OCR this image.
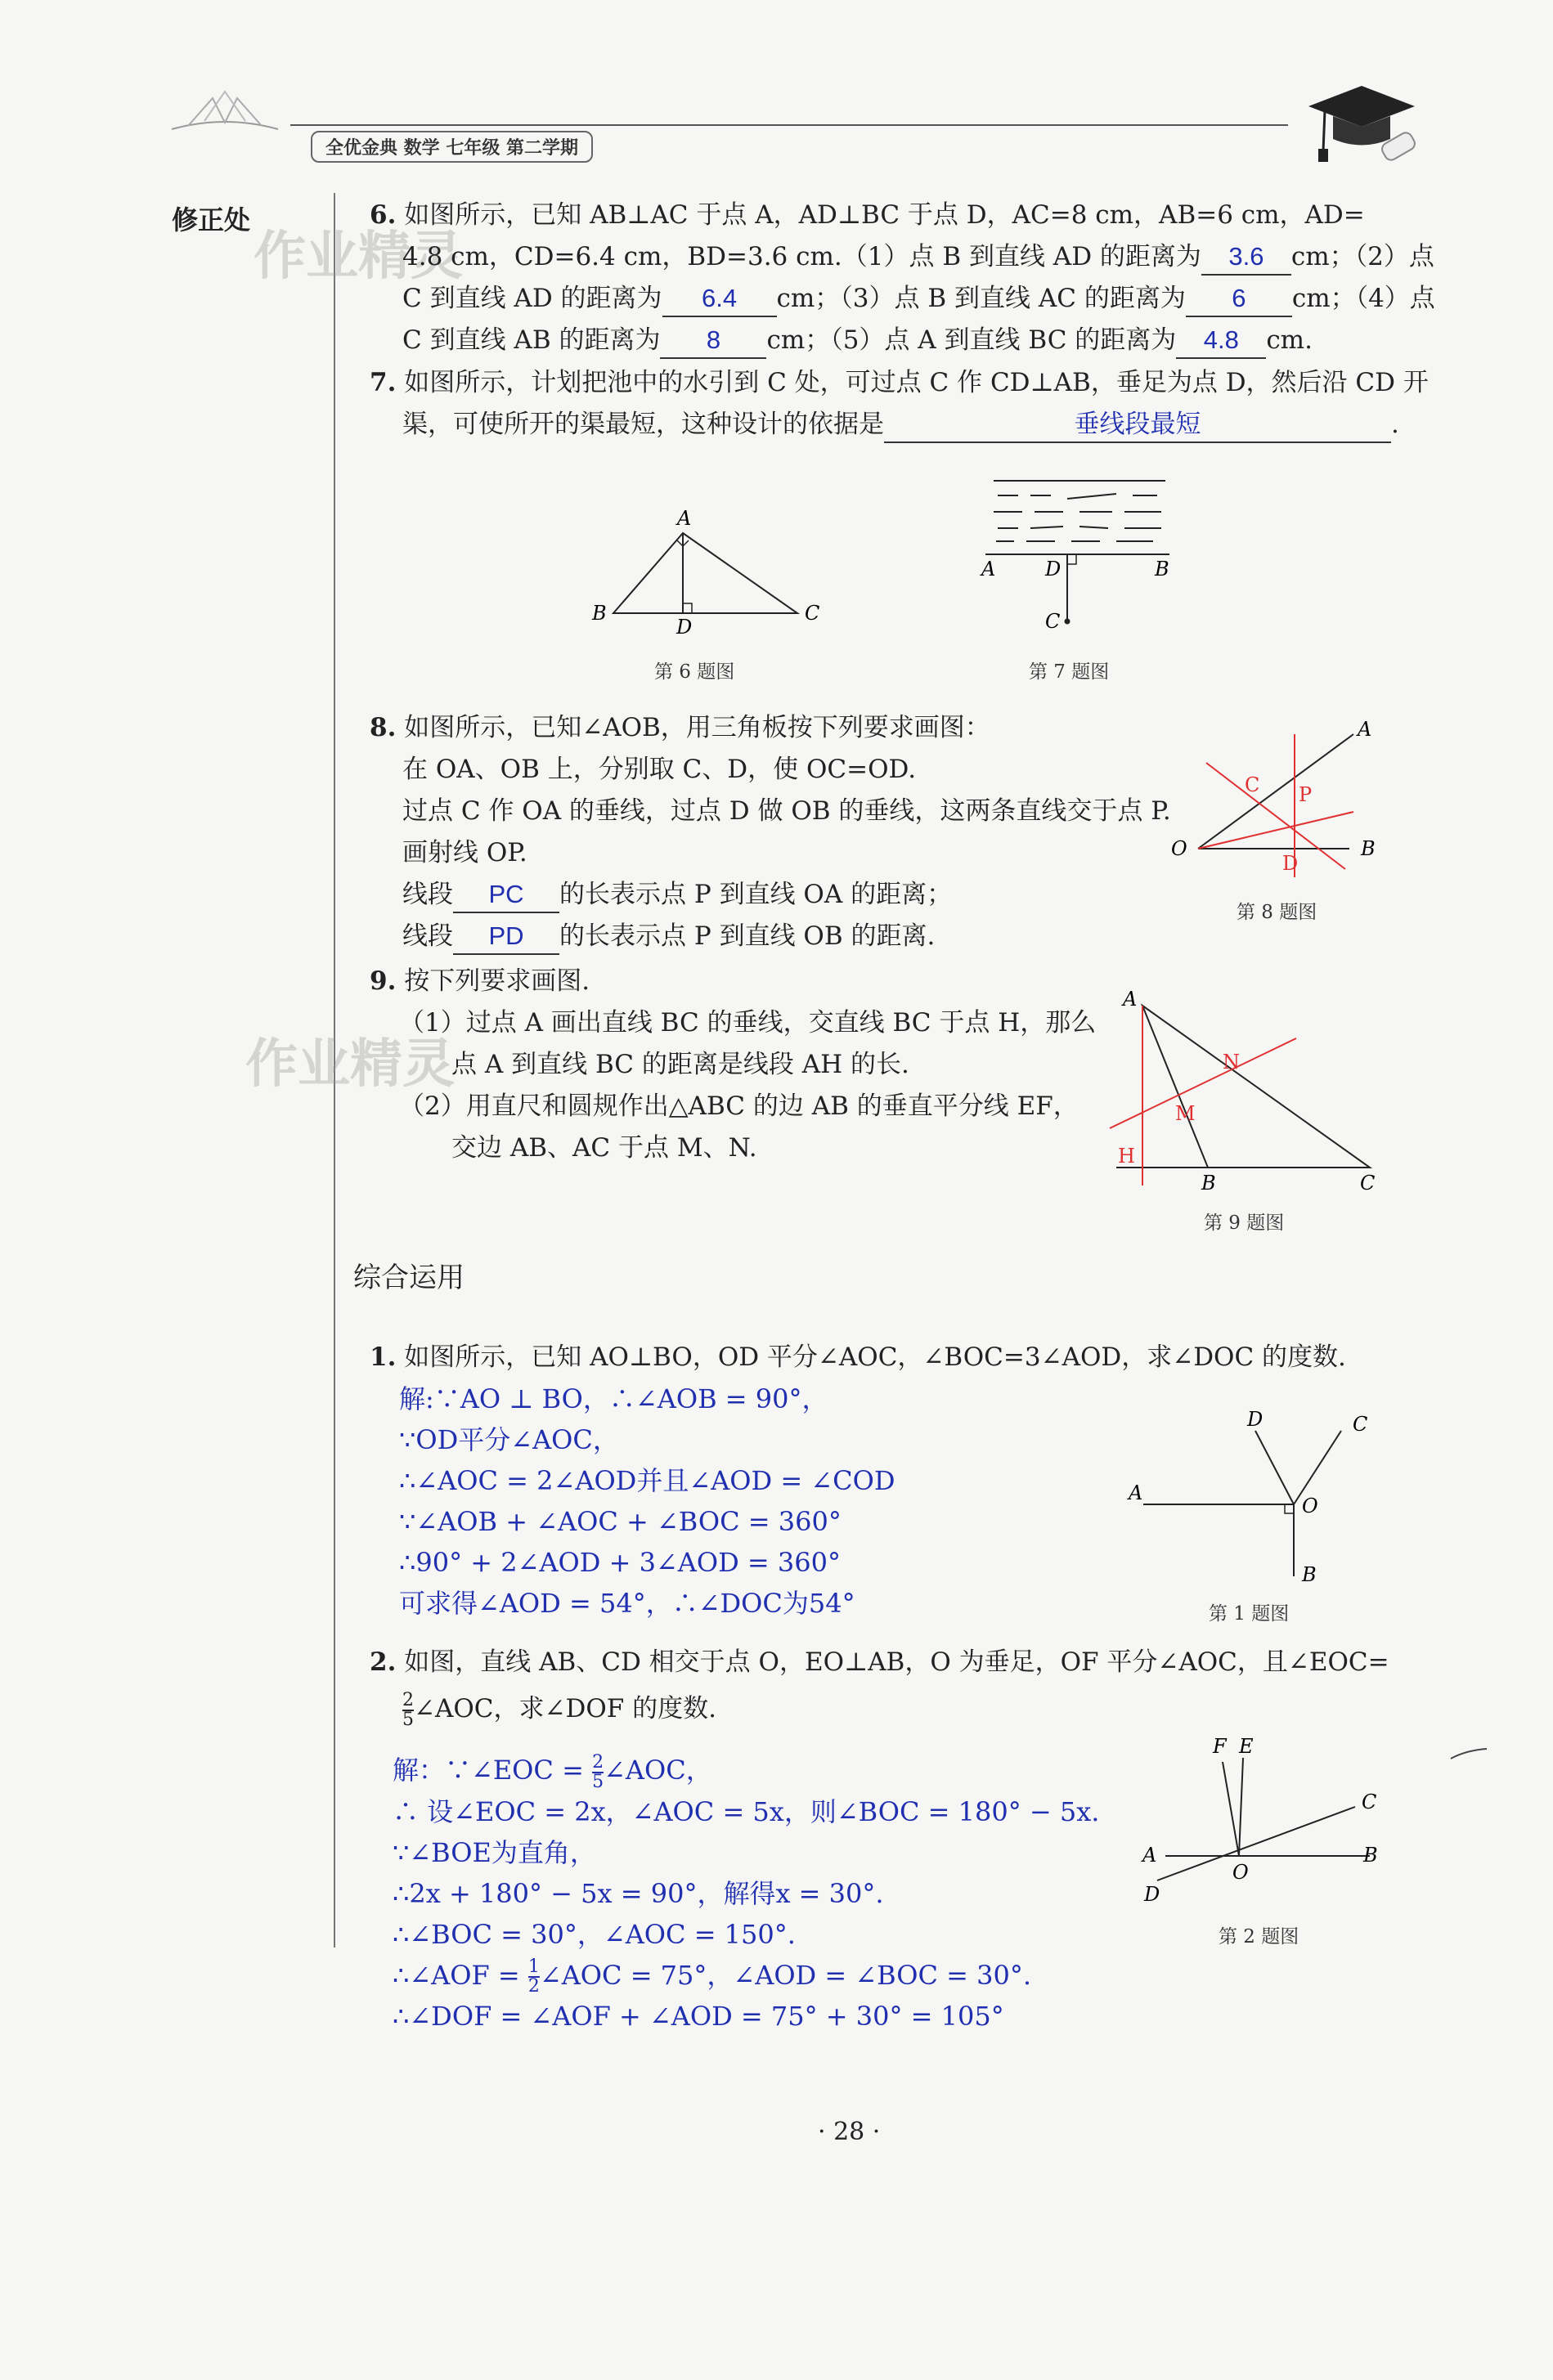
全优金典 数学 七年级 第二学期
修正处
作业精灵
作业精灵
6. 如图所示，已知 AB⊥AC 于点 A，AD⊥BC 于点 D，AC=8 cm，AB=6 cm，AD=
4.8 cm，CD=6.4 cm，BD=3.6 cm.（1）点 B 到直线 AD 的距离为 3.6 cm；（2）点
C 到直线 AD 的距离为 6.4 cm；（3）点 B 到直线 AC 的距离为 6 cm；（4）点
C 到直线 AB 的距离为 8 cm；（5）点 A 到直线 BC 的距离为 4.8 cm.
7. 如图所示，计划把池中的水引到 C 处，可过点 C 作 CD⊥AB，垂足为点 D，然后沿 CD 开
渠，可使所开的渠最短，这种设计的依据是	垂线段最短	.
A
B	C
D
第 6 题图
A	D	B
C
第 7 题图
8. 如图所示，已知∠AOB，用三角板按下列要求画图：
在 OA、OB 上，分别取 C、D，使 OC=OD.
过点 C 作 OA 的垂线，过点 D 做 OB 的垂线，这两条直线交于点 P.
画射线 OP.
线段 PC 的长表示点 P 到直线 OA 的距离；
线段 PD 的长表示点 P 到直线 OB 的距离.
O
A
B
C P
D
第 8 题图
9. 按下列要求画图.
（1）过点 A 画出直线 BC 的垂线，交直线 BC 于点 H，那么
点 A 到直线 BC 的距离是线段 AH 的长.
（2）用直尺和圆规作出△ABC 的边 AB 的垂直平分线 EF，
交边 AB、AC 于点 M、N.
A
B	C
H
M
N
第 9 题图
综合运用
1. 如图所示，已知 AO⊥BO，OD 平分∠AOC，∠BOC=3∠AOD，求∠DOC 的度数.
解:∵AO ⊥ BO，∴∠AOB = 90°，
∵OD平分∠AOC，
∴∠AOC = 2∠AOD并且∠AOD = ∠COD
∵∠AOB + ∠AOC + ∠BOC = 360°
∴90° + 2∠AOD + 3∠AOD = 360°
可求得∠AOD = 54°，∴∠DOC为54°
A
O
B
D	C
第 1 题图
2. 如图，直线 AB、CD 相交于点 O，EO⊥AB，O 为垂足，OF 平分∠AOC，且∠EOC=
$\frac{2}{5}$ ∠AOC，求∠DOF 的度数.
解：∵∠EOC = $\frac{2}{5}$ ∠AOC，
∴ 设∠EOC = 2x，∠AOC = 5x，则∠BOC = 180° − 5x.
∵∠BOE为直角，
∴2x + 180° − 5x = 90°，解得x = 30°.
∴∠BOC = 30°，∠AOC = 150°.
∴∠AOF = $\frac{1}{2}$ ∠AOC = 75°，∠AOD = ∠BOC = 30°.
∴∠DOF = ∠AOF + ∠AOD = 75° + 30° = 105°
A	B
C
D
E
F
O
第 2 题图
· 28 ·
